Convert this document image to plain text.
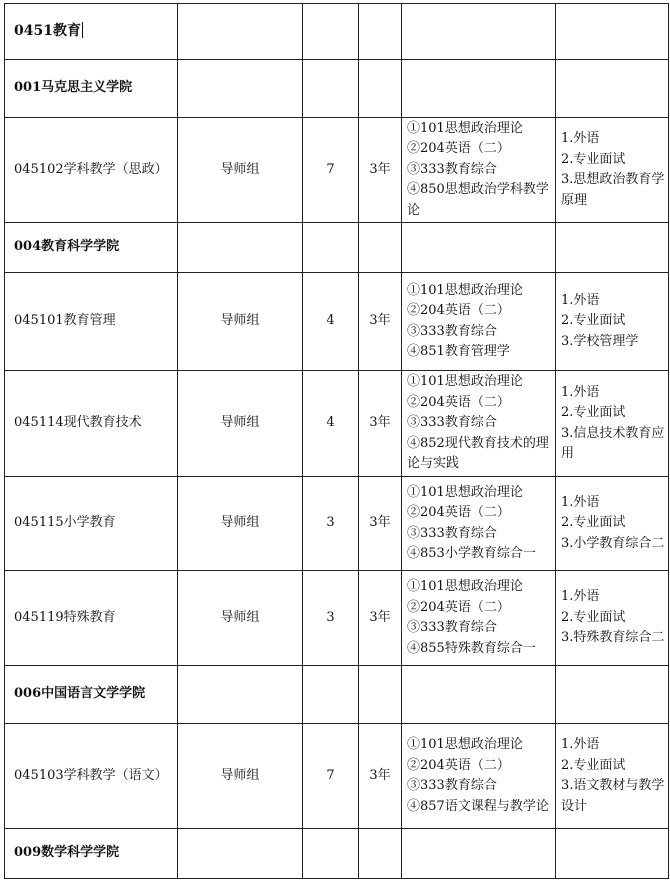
0451教育					
001马克思主义学院					
045102学科教学（思政）	导师组	7	3年	①101思想政治理论
②204英语（二）
③333教育综合
④850思想政治学科教学论	1.外语
2.专业面试
3.思想政治教育学原理

004教育科学学院					
045101教育管理	导师组	4	3年	①101思想政治理论
②204英语（二）
③333教育综合
④851教育管理学	1.外语
2.专业面试
3.学校管理学

045114现代教育技术	导师组	4	3年	①101思想政治理论
②204英语（二）
③333教育综合
④852现代教育技术的理论与实践	1.外语
2.专业面试
3.信息技术教育应用

045115小学教育	导师组	3	3年	①101思想政治理论
②204英语（二）
③333教育综合
④853小学教育综合一	1.外语
2.专业面试
3.小学教育综合二

045119特殊教育	导师组	3	3年	①101思想政治理论
②204英语（二）
③333教育综合
④855特殊教育综合一	1.外语
2.专业面试
3.特殊教育综合二

006中国语言文学学院					
045103学科教学（语文）	导师组	7	3年	①101思想政治理论
②204英语（二）
③333教育综合
④857语文课程与教学论	1.外语
2.专业面试
3.语文教材与教学设计

009数学科学学院					
